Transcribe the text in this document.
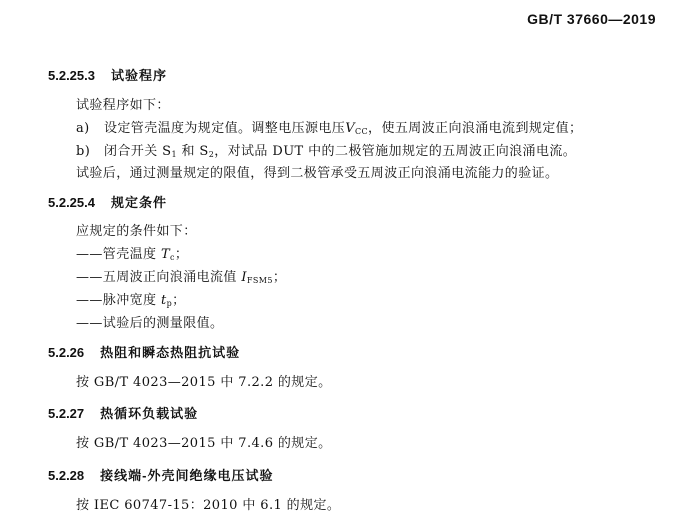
GB/T 37660—2019
5.2.25.3 试验程序
试验程序如下：
a) 设定管壳温度为规定值。调整电压源电压$V_{CC}$，使五周波正向浪涌电流到规定值；
b) 闭合开关 $S_1$ 和 $S_2$，对试品 DUT 中的二极管施加规定的五周波正向浪涌电流。
试验后，通过测量规定的限值，得到二极管承受五周波正向浪涌电流能力的验证。
5.2.25.4 规定条件
应规定的条件如下：
——管壳温度 $T_c$；
——五周波正向浪涌电流值 $I_{FSM5}$；
——脉冲宽度 $t_p$；
——试验后的测量限值。
5.2.26 热阻和瞬态热阻抗试验
按 GB/T 4023—2015 中 7.2.2 的规定。
5.2.27 热循环负载试验
按 GB/T 4023—2015 中 7.4.6 的规定。
5.2.28 接线端-外壳间绝缘电压试验
按 IEC 60747-15：2010 中 6.1 的规定。
